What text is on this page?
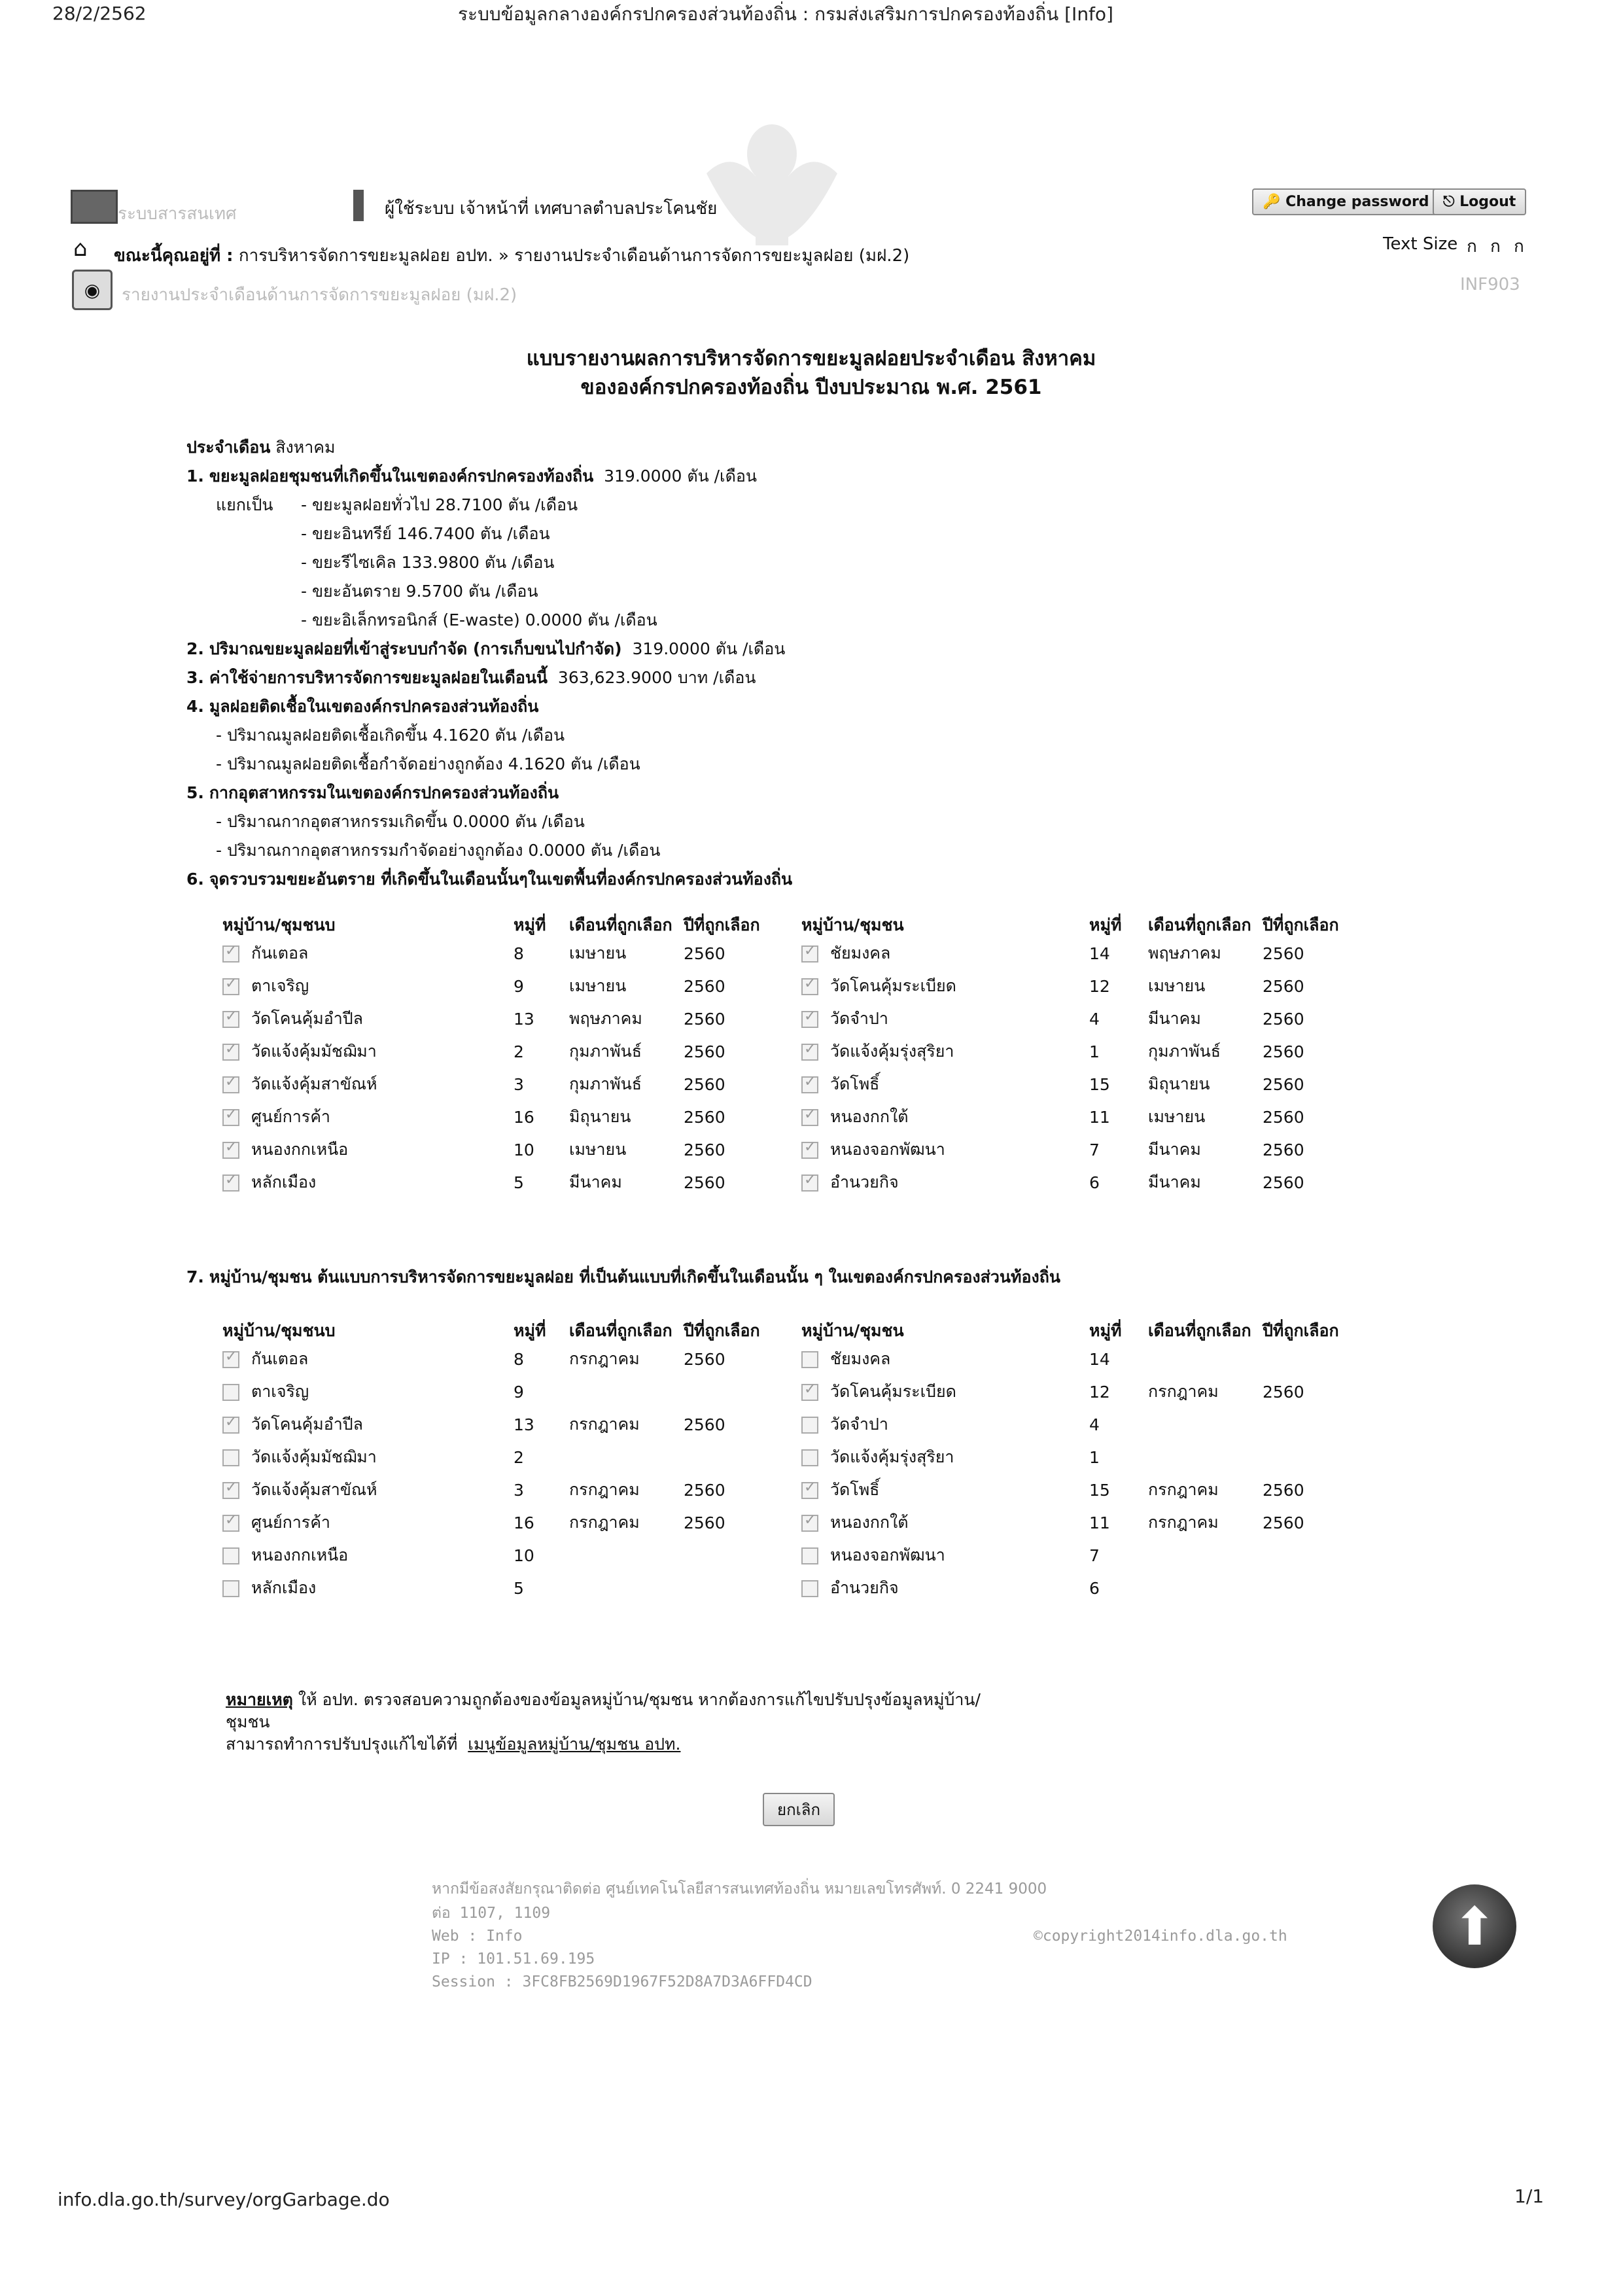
28/2/2562	ระบบข้อมูลกลางองค์กรปกครองส่วนท้องถิ่น : กรมส่งเสริมการปกครองท้องถิ่น [Info]
ระบบสารสนเทศ	ผู้ใช้ระบบ เจ้าหน้าที่ เทศบาลตำบลประโคนชัย	🔑 Change password ⎋ Logout
Text Size ก ก ก
INF903
⌂ ขณะนี้คุณอยู่ที่ : การบริหารจัดการขยะมูลฝอย อปท. » รายงานประจำเดือนด้านการจัดการขยะมูลฝอย (มฝ.2)
◉	รายงานประจำเดือนด้านการจัดการขยะมูลฝอย (มฝ.2)
แบบรายงานผลการบริหารจัดการขยะมูลฝอยประจำเดือน สิงหาคม
ขององค์กรปกครองท้องถิ่น ปีงบประมาณ พ.ศ. 2561
ประจำเดือน สิงหาคม
1. ขยะมูลฝอยชุมชนที่เกิดขึ้นในเขตองค์กรปกครองท้องถิ่น 319.0000 ตัน /เดือน
แยกเป็น - ขยะมูลฝอยทั่วไป 28.7100 ตัน /เดือน
- ขยะอินทรีย์ 146.7400 ตัน /เดือน
- ขยะรีไซเคิล 133.9800 ตัน /เดือน
- ขยะอันตราย 9.5700 ตัน /เดือน
- ขยะอิเล็กทรอนิกส์ (E-waste) 0.0000 ตัน /เดือน
2. ปริมาณขยะมูลฝอยที่เข้าสู่ระบบกำจัด (การเก็บขนไปกำจัด) 319.0000 ตัน /เดือน
3. ค่าใช้จ่ายการบริหารจัดการขยะมูลฝอยในเดือนนี้ 363,623.9000 บาท /เดือน
4. มูลฝอยติดเชื้อในเขตองค์กรปกครองส่วนท้องถิ่น
- ปริมาณมูลฝอยติดเชื้อเกิดขึ้น 4.1620 ตัน /เดือน
- ปริมาณมูลฝอยติดเชื้อกำจัดอย่างถูกต้อง 4.1620 ตัน /เดือน
5. กากอุตสาหกรรมในเขตองค์กรปกครองส่วนท้องถิ่น
- ปริมาณกากอุตสาหกรรมเกิดขึ้น 0.0000 ตัน /เดือน
- ปริมาณกากอุตสาหกรรมกำจัดอย่างถูกต้อง 0.0000 ตัน /เดือน
6. จุดรวบรวมขยะอันตราย ที่เกิดขึ้นในเดือนนั้นๆในเขตพื้นที่องค์กรปกครองส่วนท้องถิ่น
หมู่บ้าน/ชุมชนบ	หมู่ที่	เดือนที่ถูกเลือก	ปีที่ถูกเลือก	หมู่บ้าน/ชุมชน	หมู่ที่	เดือนที่ถูกเลือก	ปีที่ถูกเลือก
✓กันเตอล	8	เมษายน	2560	✓ชัยมงคล	14	พฤษภาคม	2560
✓ตาเจริญ	9	เมษายน	2560	✓วัดโคนคุ้มระเบียด	12	เมษายน	2560
✓วัดโคนคุ้มอำปีล	13	พฤษภาคม	2560	✓วัดจำปา	4	มีนาคม	2560
✓วัดแจ้งคุ้มมัชฌิมา	2	กุมภาพันธ์	2560	✓วัดแจ้งคุ้มรุ่งสุริยา	1	กุมภาพันธ์	2560
✓วัดแจ้งคุ้มสาขัณห์	3	กุมภาพันธ์	2560	✓วัดโพธิ์	15	มิถุนายน	2560
✓ศูนย์การค้า	16	มิถุนายน	2560	✓หนองกกใต้	11	เมษายน	2560
✓หนองกกเหนือ	10	เมษายน	2560	✓หนองจอกพัฒนา	7	มีนาคม	2560
✓หลักเมือง	5	มีนาคม	2560	✓อำนวยกิจ	6	มีนาคม	2560
7. หมู่บ้าน/ชุมชน ต้นแบบการบริหารจัดการขยะมูลฝอย ที่เป็นต้นแบบที่เกิดขึ้นในเดือนนั้น ๆ ในเขตองค์กรปกครองส่วนท้องถิ่น
หมู่บ้าน/ชุมชนบ	หมู่ที่	เดือนที่ถูกเลือก	ปีที่ถูกเลือก	หมู่บ้าน/ชุมชน	หมู่ที่	เดือนที่ถูกเลือก	ปีที่ถูกเลือก
✓กันเตอล	8	กรกฎาคม	2560	ชัยมงคล	14		
ตาเจริญ	9			✓วัดโคนคุ้มระเบียด	12	กรกฎาคม	2560
✓วัดโคนคุ้มอำปีล	13	กรกฎาคม	2560	วัดจำปา	4		
วัดแจ้งคุ้มมัชฌิมา	2			วัดแจ้งคุ้มรุ่งสุริยา	1		
✓วัดแจ้งคุ้มสาขัณห์	3	กรกฎาคม	2560	✓วัดโพธิ์	15	กรกฎาคม	2560
✓ศูนย์การค้า	16	กรกฎาคม	2560	✓หนองกกใต้	11	กรกฎาคม	2560
หนองกกเหนือ	10			หนองจอกพัฒนา	7		
หลักเมือง	5			อำนวยกิจ	6		
หมายเหตุ ให้ อปท. ตรวจสอบความถูกต้องของข้อมูลหมู่บ้าน/ชุมชน หากต้องการแก้ไขปรับปรุงข้อมูลหมู่บ้าน/
ชุมชน
สามารถทำการปรับปรุงแก้ไขได้ที่ เมนูข้อมูลหมู่บ้าน/ชุมชน อปท.
ยกเลิก
หากมีข้อสงสัยกรุณาติดต่อ ศูนย์เทคโนโลยีสารสนเทศท้องถิ่น หมายเลขโทรศัพท์. 0 2241 9000
ต่อ 1107, 1109
Web : Info
IP : 101.51.69.195
Session : 3FC8FB2569D1967F52D8A7D3A6FFD4CD
©copyright2014info.dla.go.th	⬆
info.dla.go.th/survey/orgGarbage.do	1/1
